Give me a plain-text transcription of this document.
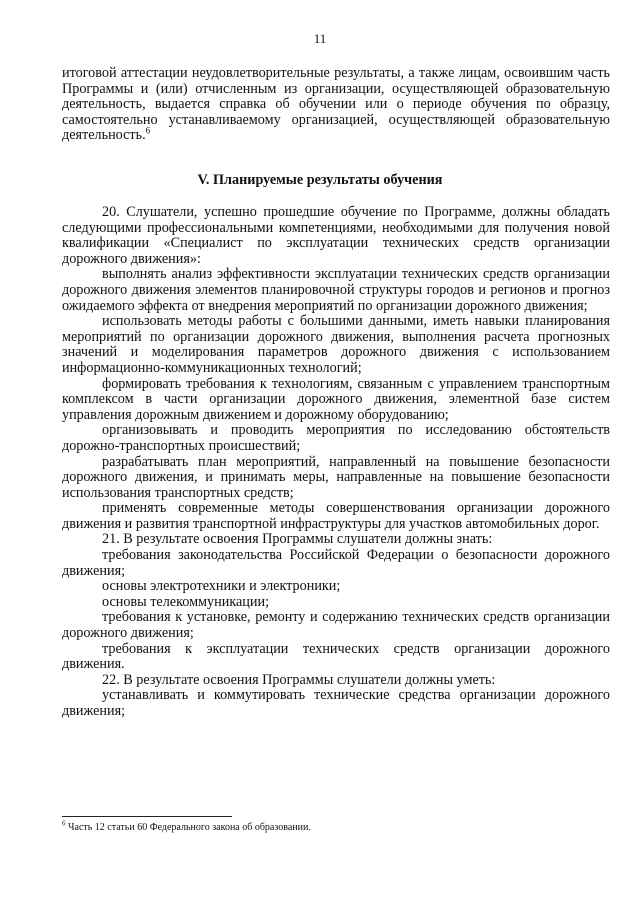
11

итоговой аттестации неудовлетворительные результаты, а также лицам, освоившим часть Программы и (или) отчисленным из организации, осуществляющей образовательную деятельность, выдается справка об обучении или о периоде обучения по образцу, самостоятельно устанавливаемому организацией, осуществляющей образовательную деятельность.$^6$

V. Планируемые результаты обучения

20. Слушатели, успешно прошедшие обучение по Программе, должны обладать следующими профессиональными компетенциями, необходимыми для получения новой квалификации «Специалист по эксплуатации технических средств организации дорожного движения»:

выполнять анализ эффективности эксплуатации технических средств организации дорожного движения элементов планировочной структуры городов и регионов и прогноз ожидаемого эффекта от внедрения мероприятий по организации дорожного движения;

использовать методы работы с большими данными, иметь навыки планирования мероприятий по организации дорожного движения, выполнения расчета прогнозных значений и моделирования параметров дорожного движения с использованием информационно-коммуникационных технологий;

формировать требования к технологиям, связанным с управлением транспортным комплексом в части организации дорожного движения, элементной базе систем управления дорожным движением и дорожному оборудованию;

организовывать и проводить мероприятия по исследованию обстоятельств дорожно-транспортных происшествий;

разрабатывать план мероприятий, направленный на повышение безопасности дорожного движения, и принимать меры, направленные на повышение безопасности использования транспортных средств;

применять современные методы совершенствования организации дорожного движения и развития транспортной инфраструктуры для участков автомобильных дорог.

21. В результате освоения Программы слушатели должны знать:

требования законодательства Российской Федерации о безопасности дорожного движения;

основы электротехники и электроники;

основы телекоммуникации;

требования к установке, ремонту и содержанию технических средств организации дорожного движения;

требования к эксплуатации технических средств организации дорожного движения.

22. В результате освоения Программы слушатели должны уметь:

устанавливать и коммутировать технические средства организации дорожного движения;

$^6$ Часть 12 статьи 60 Федерального закона об образовании.
